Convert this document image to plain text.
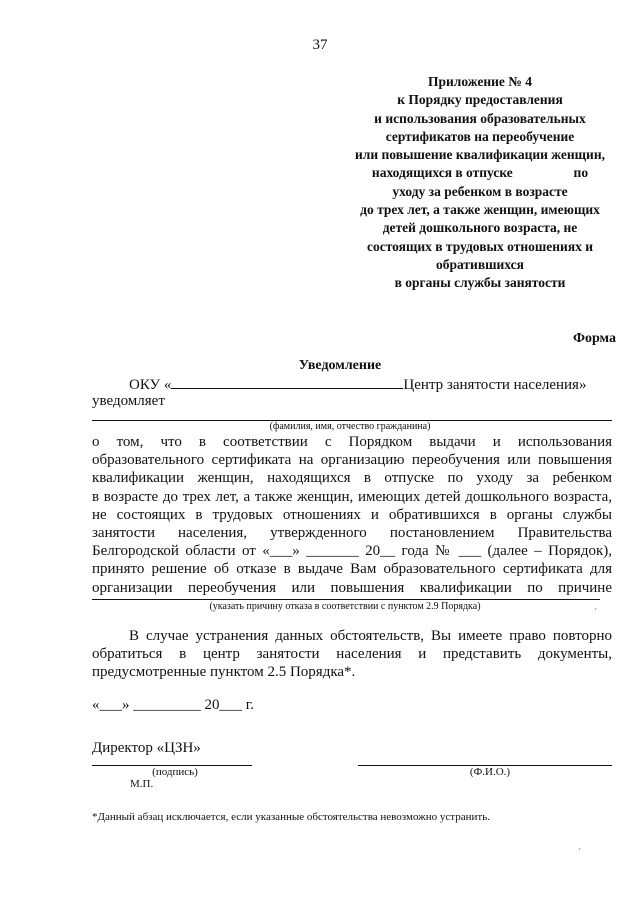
37
Приложение № 4
к Порядку предоставления
и использования образовательных
сертификатов на переобучение
или повышение квалификации женщин,
находящихся в отпуске                  по
уходу за ребенком в возрасте
до трех лет, а также женщин, имеющих
детей дошкольного возраста, не
состоящих в трудовых отношениях и
обратившихся
в органы службы занятости
Форма
Уведомление
ОКУ «	Центр занятости населения»
уведомляет
(фамилия, имя, отчество гражданина)
о том, что в соответствии с Порядком выдачи и использования
образовательного сертификата на организацию переобучения или повышения
квалификации женщин, находящихся в отпуске по уходу за ребенком
в возрасте до трех лет, а также женщин, имеющих детей дошкольного возраста,
не состоящих в трудовых отношениях и обратившихся в органы службы
занятости населения, утвержденного постановлением Правительства
Белгородской области от «___» _______ 20__ года № ___ (далее – Порядок),
принято решение об отказе в выдаче Вам образовательного сертификата для
организации переобучения или повышения квалификации по причине
(указать причину отказа в соответствии с пунктом 2.9 Порядка)
ˊ
В случае устранения данных обстоятельств, Вы имеете право повторно
обратиться в центр занятости населения и представить документы,
предусмотренные пунктом 2.5 Порядка*.
«___» _________ 20___ г.
Директор «ЦЗН»
(подпись)
М.П.
(Ф.И.О.)
*Данный абзац исключается, если указанные обстоятельства невозможно устранить.
ˊ
